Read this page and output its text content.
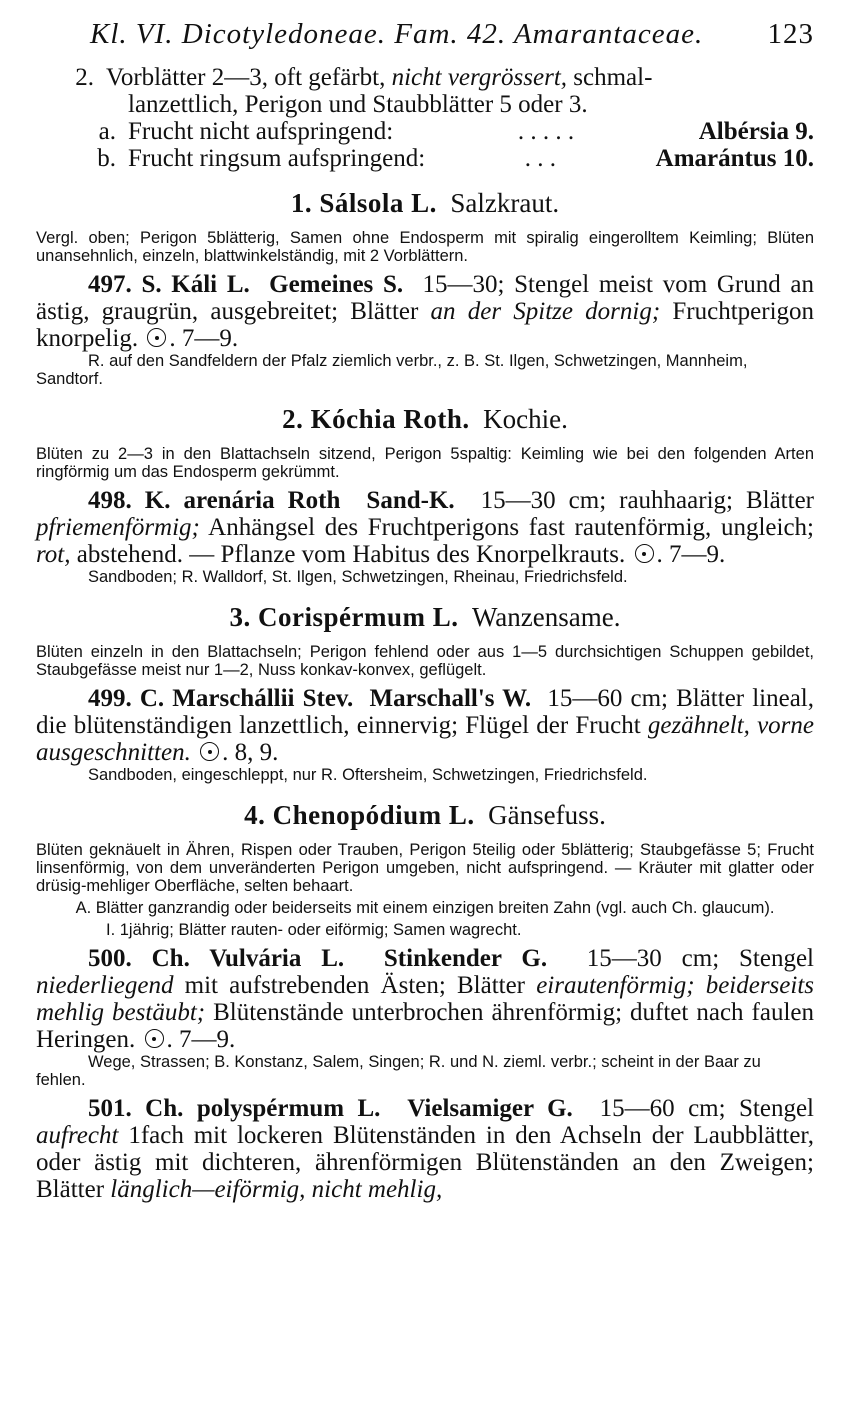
Kl. VI. Dicotyledoneae. Fam. 42. Amarantaceae. 123
2. Vorblätter 2—3, oft gefärbt, nicht vergrössert, schmal-
lanzettlich, Perigon und Staubblätter 5 oder 3.
a. Frucht nicht aufspringend:	. . . . .	Albérsia 9.
b. Frucht ringsum aufspringend:	. . .	Amarántus 10.
1. Sálsola L. Salzkraut.
Vergl. oben; Perigon 5blätterig, Samen ohne Endosperm mit spiralig eingerolltem Keimling; Blüten unansehnlich, einzeln, blattwinkelständig, mit 2 Vorblättern.
497. S. Káli L. Gemeines S. 15—30; Stengel meist vom Grund an ästig, graugrün, ausgebreitet; Blätter an der Spitze dornig; Fruchtperigon knorpelig. . 7—9.
R. auf den Sandfeldern der Pfalz ziemlich verbr., z. B. St. Ilgen, Schwetzingen, Mannheim, Sandtorf.
2. Kóchia Roth. Kochie.
Blüten zu 2—3 in den Blattachseln sitzend, Perigon 5spaltig: Keimling wie bei den folgenden Arten ringförmig um das Endosperm gekrümmt.
498. K. arenária Roth Sand-K. 15—30 cm; rauhhaarig; Blätter pfriemenförmig; Anhängsel des Fruchtperigons fast rautenförmig, ungleich; rot, abstehend. — Pflanze vom Habitus des Knorpelkrauts. . 7—9.
Sandboden; R. Walldorf, St. Ilgen, Schwetzingen, Rheinau, Friedrichsfeld.
3. Corispérmum L. Wanzensame.
Blüten einzeln in den Blattachseln; Perigon fehlend oder aus 1—5 durchsichtigen Schuppen gebildet, Staubgefässe meist nur 1—2, Nuss konkav-konvex, geflügelt.
499. C. Marschállii Stev. Marschall's W. 15—60 cm; Blätter lineal, die blütenständigen lanzettlich, einnervig; Flügel der Frucht gezähnelt, vorne ausgeschnitten. . 8, 9.
Sandboden, eingeschleppt, nur R. Oftersheim, Schwetzingen, Friedrichsfeld.
4. Chenopódium L. Gänsefuss.
Blüten geknäuelt in Ähren, Rispen oder Trauben, Perigon 5teilig oder 5blätterig; Staubgefässe 5; Frucht linsenförmig, von dem unveränderten Perigon umgeben, nicht aufspringend. — Kräuter mit glatter oder drüsig-mehliger Oberfläche, selten behaart.
A. Blätter ganzrandig oder beiderseits mit einem einzigen breiten Zahn (vgl. auch Ch. glaucum).
I. 1jährig; Blätter rauten- oder eiförmig; Samen wagrecht.
500. Ch. Vulvária L. Stinkender G. 15—30 cm; Stengel niederliegend mit aufstrebenden Ästen; Blätter eirautenförmig; beiderseits mehlig bestäubt; Blütenstände unterbrochen ährenförmig; duftet nach faulen Heringen. . 7—9.
Wege, Strassen; B. Konstanz, Salem, Singen; R. und N. zieml. verbr.; scheint in der Baar zu fehlen.
501. Ch. polyspérmum L. Vielsamiger G. 15—60 cm; Stengel aufrecht 1fach mit lockeren Blütenständen in den Achseln der Laubblätter, oder ästig mit dichteren, ährenförmigen Blütenständen an den Zweigen; Blätter länglich—eiförmig, nicht mehlig,
